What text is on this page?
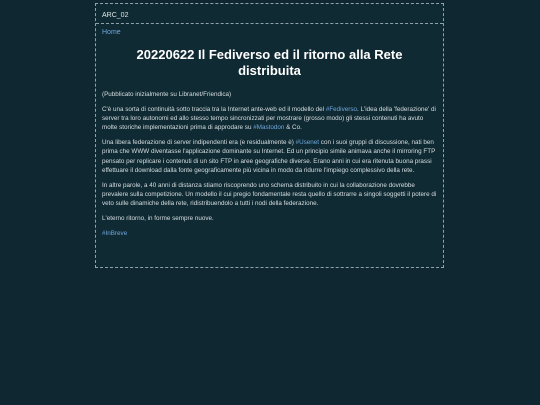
ARC_02
Home
20220622 Il Fediverso ed il ritorno alla Rete distribuita

(Pubblicato inizialmente su Libranet/Friendica)

C'è una sorta di continuità sotto traccia tra la Internet ante-web ed il modello del #Fediverso. L'idea della 'federazione' di server tra loro autonomi ed allo stesso tempo sincronizzati per mostrare (grosso modo) gli stessi contenuti ha avuto molte storiche implementazioni prima di approdare su #Mastodon & Co.

Una libera federazione di server indipendenti era (e residualmente è) #Usenet con i suoi gruppi di discussione, nati ben prima che WWW diventasse l'applicazione dominante su Internet. Ed un principio simile animava anche il mirroring FTP pensato per replicare i contenuti di un sito FTP in aree geografiche diverse. Erano anni in cui era ritenuta buona prassi effettuare il download dalla fonte geograficamente più vicina in modo da ridurre l'impiego complessivo della rete.

In altre parole, a 40 anni di distanza stiamo riscoprendo uno schema distribuito in cui la collaborazione dovrebbe prevalere sulla competizione. Un modello il cui pregio fondamentale resta quello di sottrarre a singoli soggetti il potere di veto sulle dinamiche della rete, ridistribuendolo a tutti i nodi della federazione.

L'eterno ritorno, in forme sempre nuove.

#InBreve
